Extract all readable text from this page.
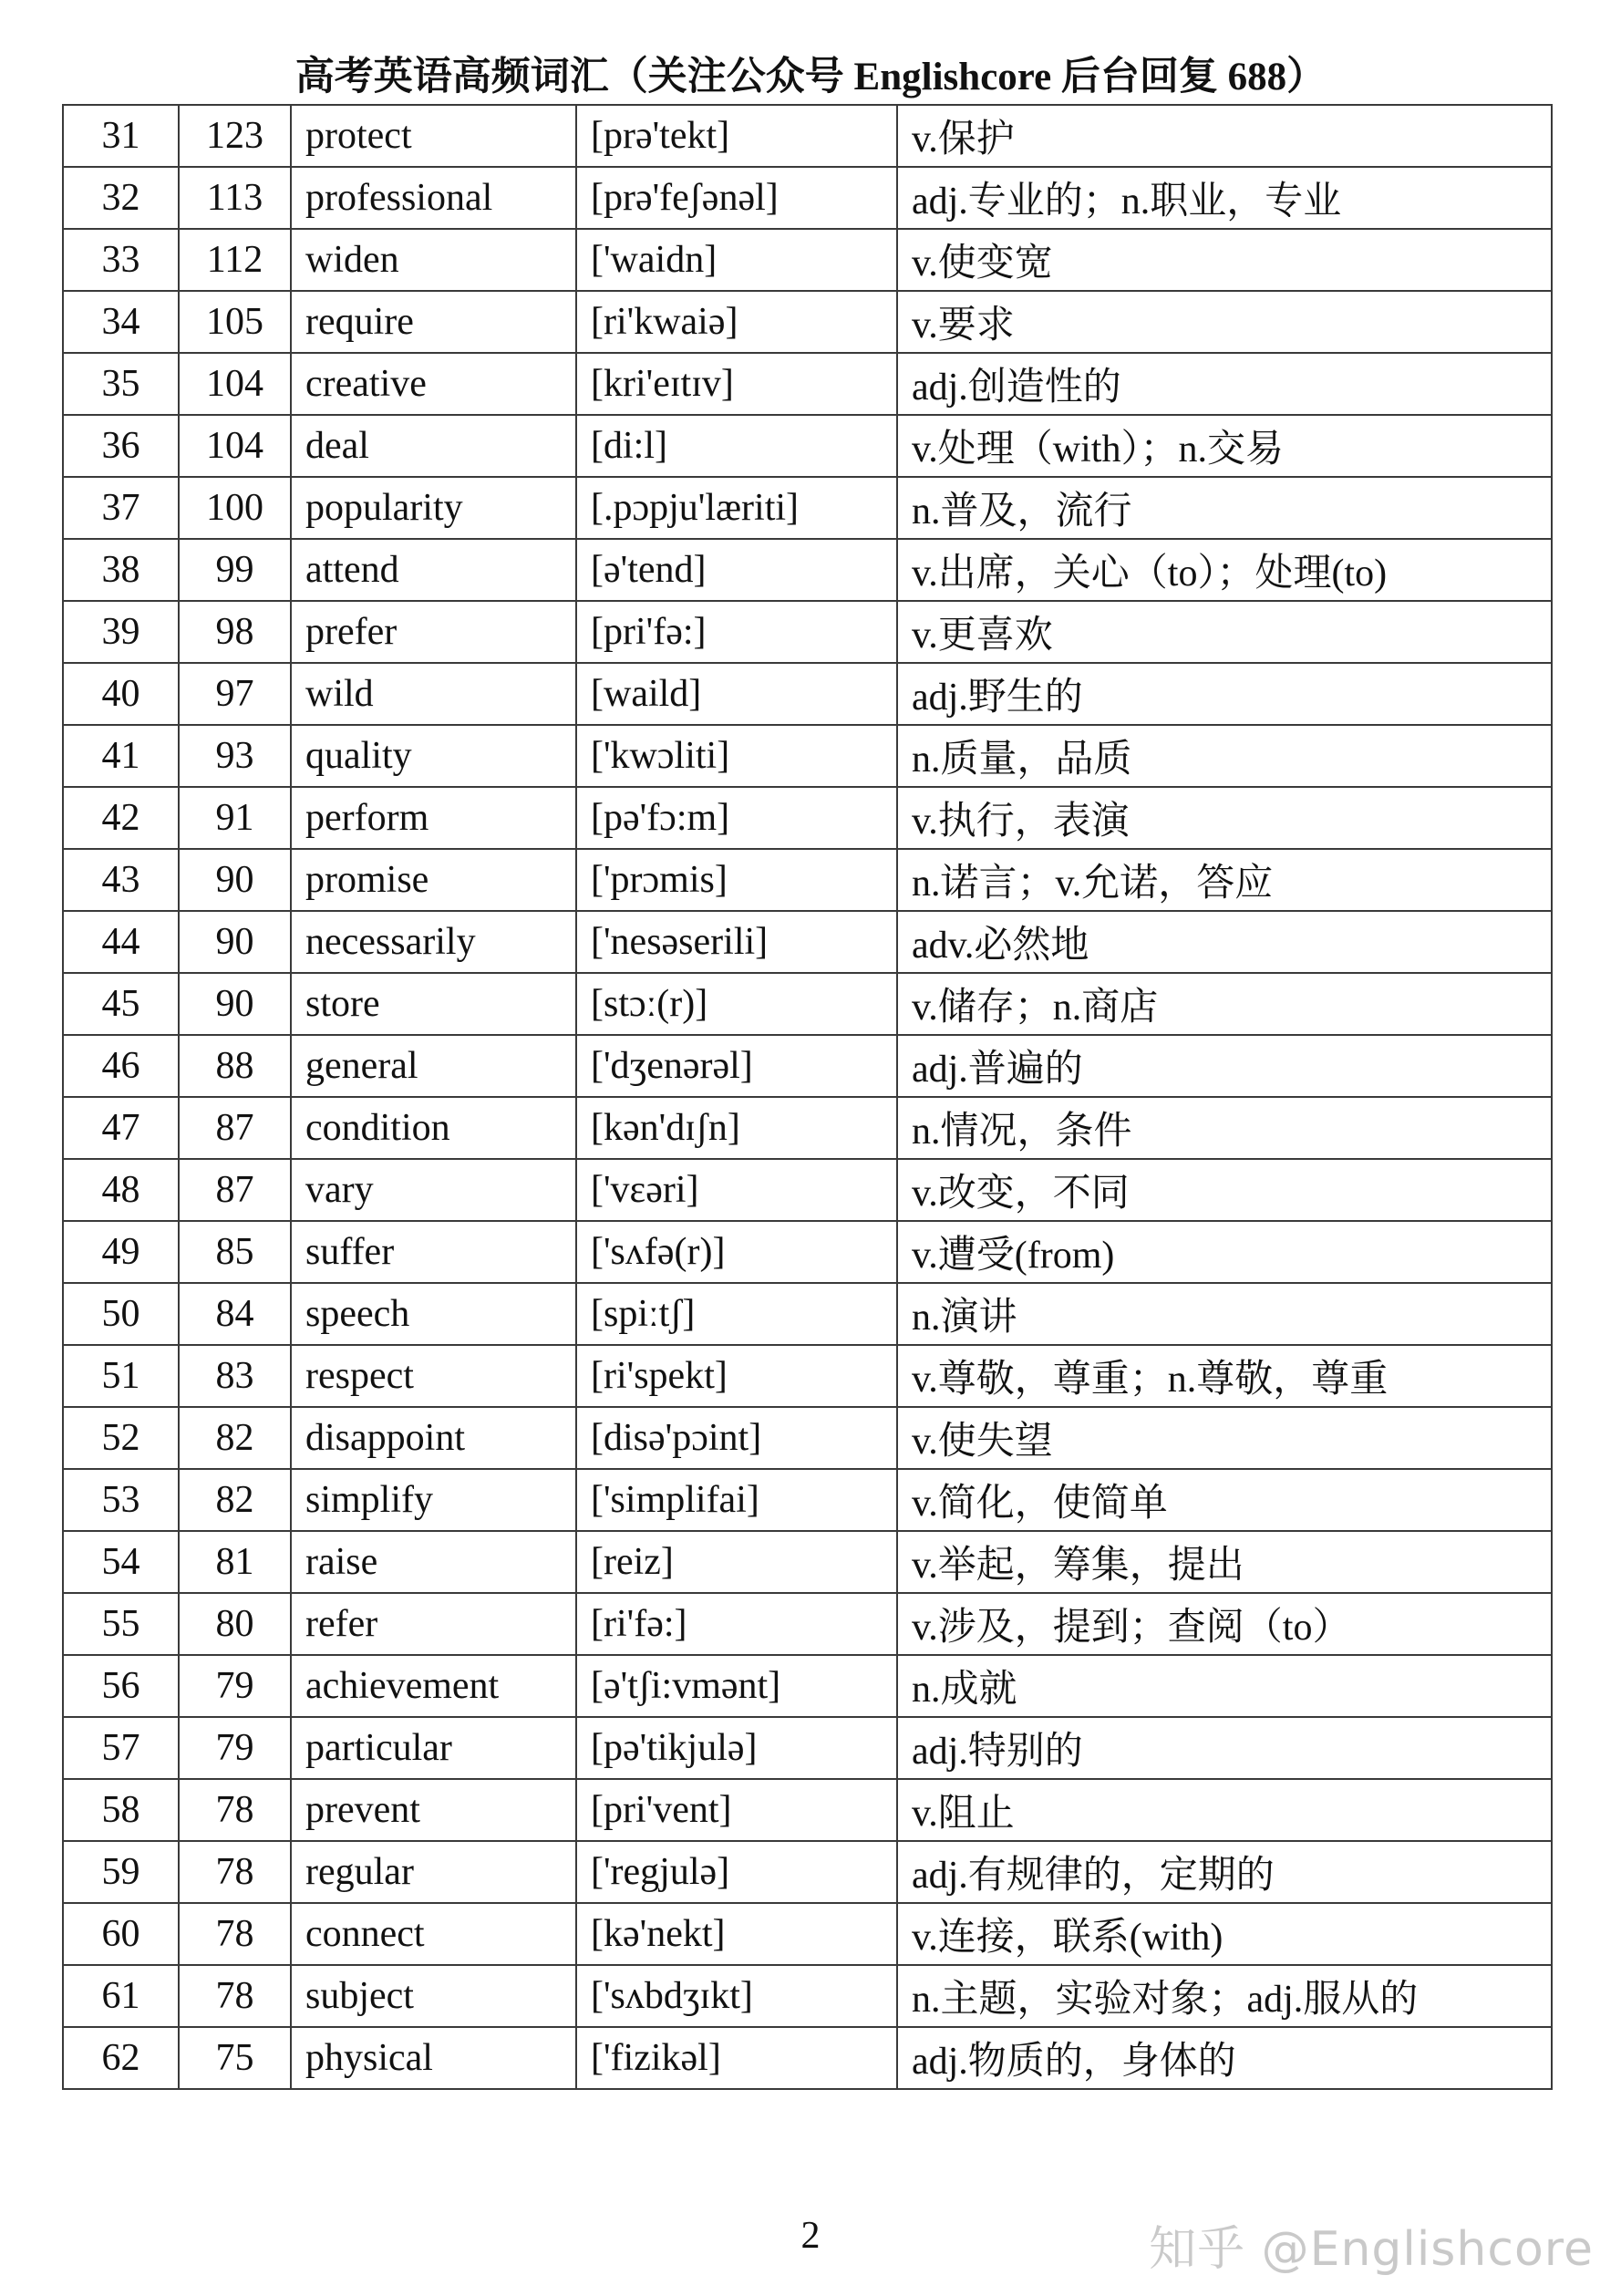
高考英语高频词汇（关注公众号 Englishcore 后台回复 688）
31	123	protect	[prə'tekt]	v.保护
32	113	professional	[prə'feʃənəl]	adj.专业的；n.职业，专业
33	112	widen	['waidn]	v.使变宽
34	105	require	[ri'kwaiə]	v.要求
35	104	creative	[kri'eɪtɪv]	adj.创造性的
36	104	deal	[di:l]	v.处理（with）；n.交易
37	100	popularity	[.pɔpju'læriti]	n.普及，流行
38	99	attend	[ə'tend]	v.出席，关心（to）；处理(to)
39	98	prefer	[pri'fə:]	v.更喜欢
40	97	wild	[waild]	adj.野生的
41	93	quality	['kwɔliti]	n.质量，品质
42	91	perform	[pə'fɔ:m]	v.执行，表演
43	90	promise	['prɔmis]	n.诺言；v.允诺，答应
44	90	necessarily	['nesəserili]	adv.必然地
45	90	store	[stɔː(r)]	v.储存；n.商店
46	88	general	['dʒenərəl]	adj.普遍的
47	87	condition	[kən'dɪʃn]	n.情况，条件
48	87	vary	['vɛəri]	v.改变，不同
49	85	suffer	['sʌfə(r)]	v.遭受(from)
50	84	speech	[spiːtʃ]	n.演讲
51	83	respect	[ri'spekt]	v.尊敬，尊重；n.尊敬，尊重
52	82	disappoint	[disə'pɔint]	v.使失望
53	82	simplify	['simplifai]	v.简化，使简单
54	81	raise	[reiz]	v.举起，筹集，提出
55	80	refer	[ri'fə:]	v.涉及，提到；查阅（to）
56	79	achievement	[ə'tʃi:vmənt]	n.成就
57	79	particular	[pə'tikjulə]	adj.特别的
58	78	prevent	[pri'vent]	v.阻止
59	78	regular	['regjulə]	adj.有规律的，定期的
60	78	connect	[kə'nekt]	v.连接，联系(with)
61	78	subject	['sʌbdʒɪkt]	n.主题，实验对象；adj.服从的
62	75	physical	['fizikəl]	adj.物质的，身体的
2	知乎 @Englishcore
